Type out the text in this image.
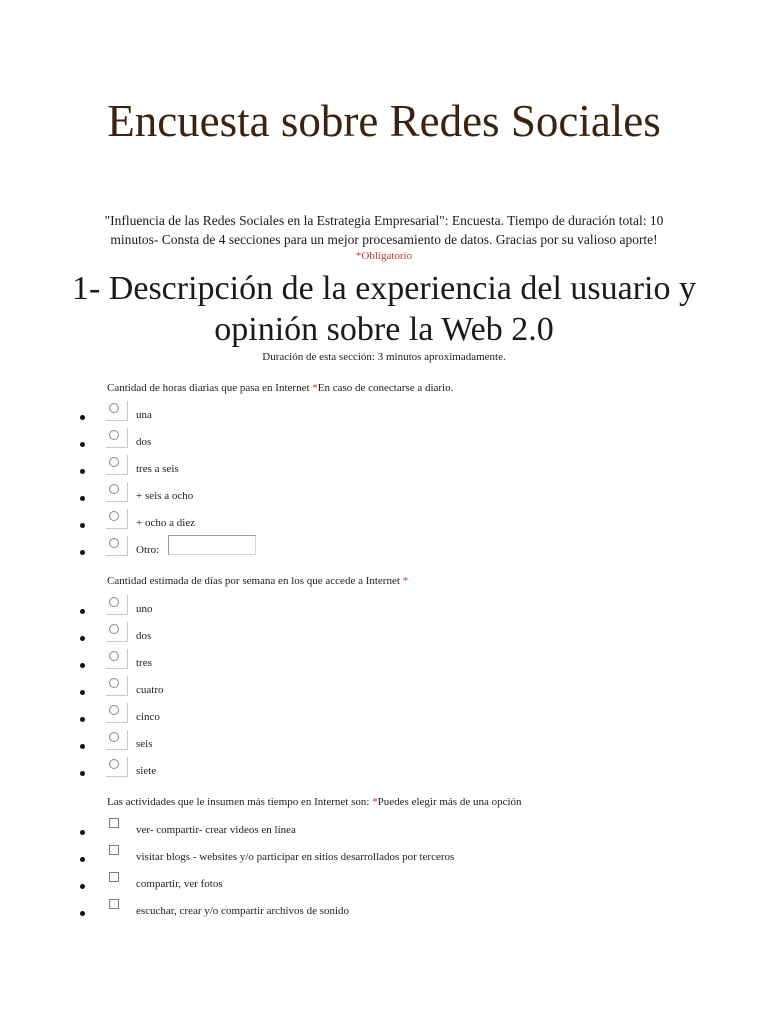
Encuesta sobre Redes Sociales

"Influencia de las Redes Sociales en la Estrategia Empresarial": Encuesta. Tiempo de duración total: 10 minutos- Consta de 4 secciones para un mejor procesamiento de datos. Gracias por su valioso aporte!

*Obligatorio
1- Descripción de la experiencia del usuario y opinión sobre la Web 2.0
Duración de esta sección: 3 minutos aproximadamente.
Cantidad de horas diarias que pasa en Internet *En caso de conectarse a diario.
una
dos
tres a seis
+ seis a ocho
+ ocho a diez
Otro:
Cantidad estimada de días por semana en los que accede a Internet *
uno
dos
tres
cuatro
cinco
seis
siete
Las actividades que le insumen más tiempo en Internet son: *Puedes elegir más de una opción
ver- compartir- crear videos en línea
visitar blogs - websites y/o participar en sitios desarrollados por terceros
compartir, ver fotos
escuchar, crear y/o compartir archivos de sonido
